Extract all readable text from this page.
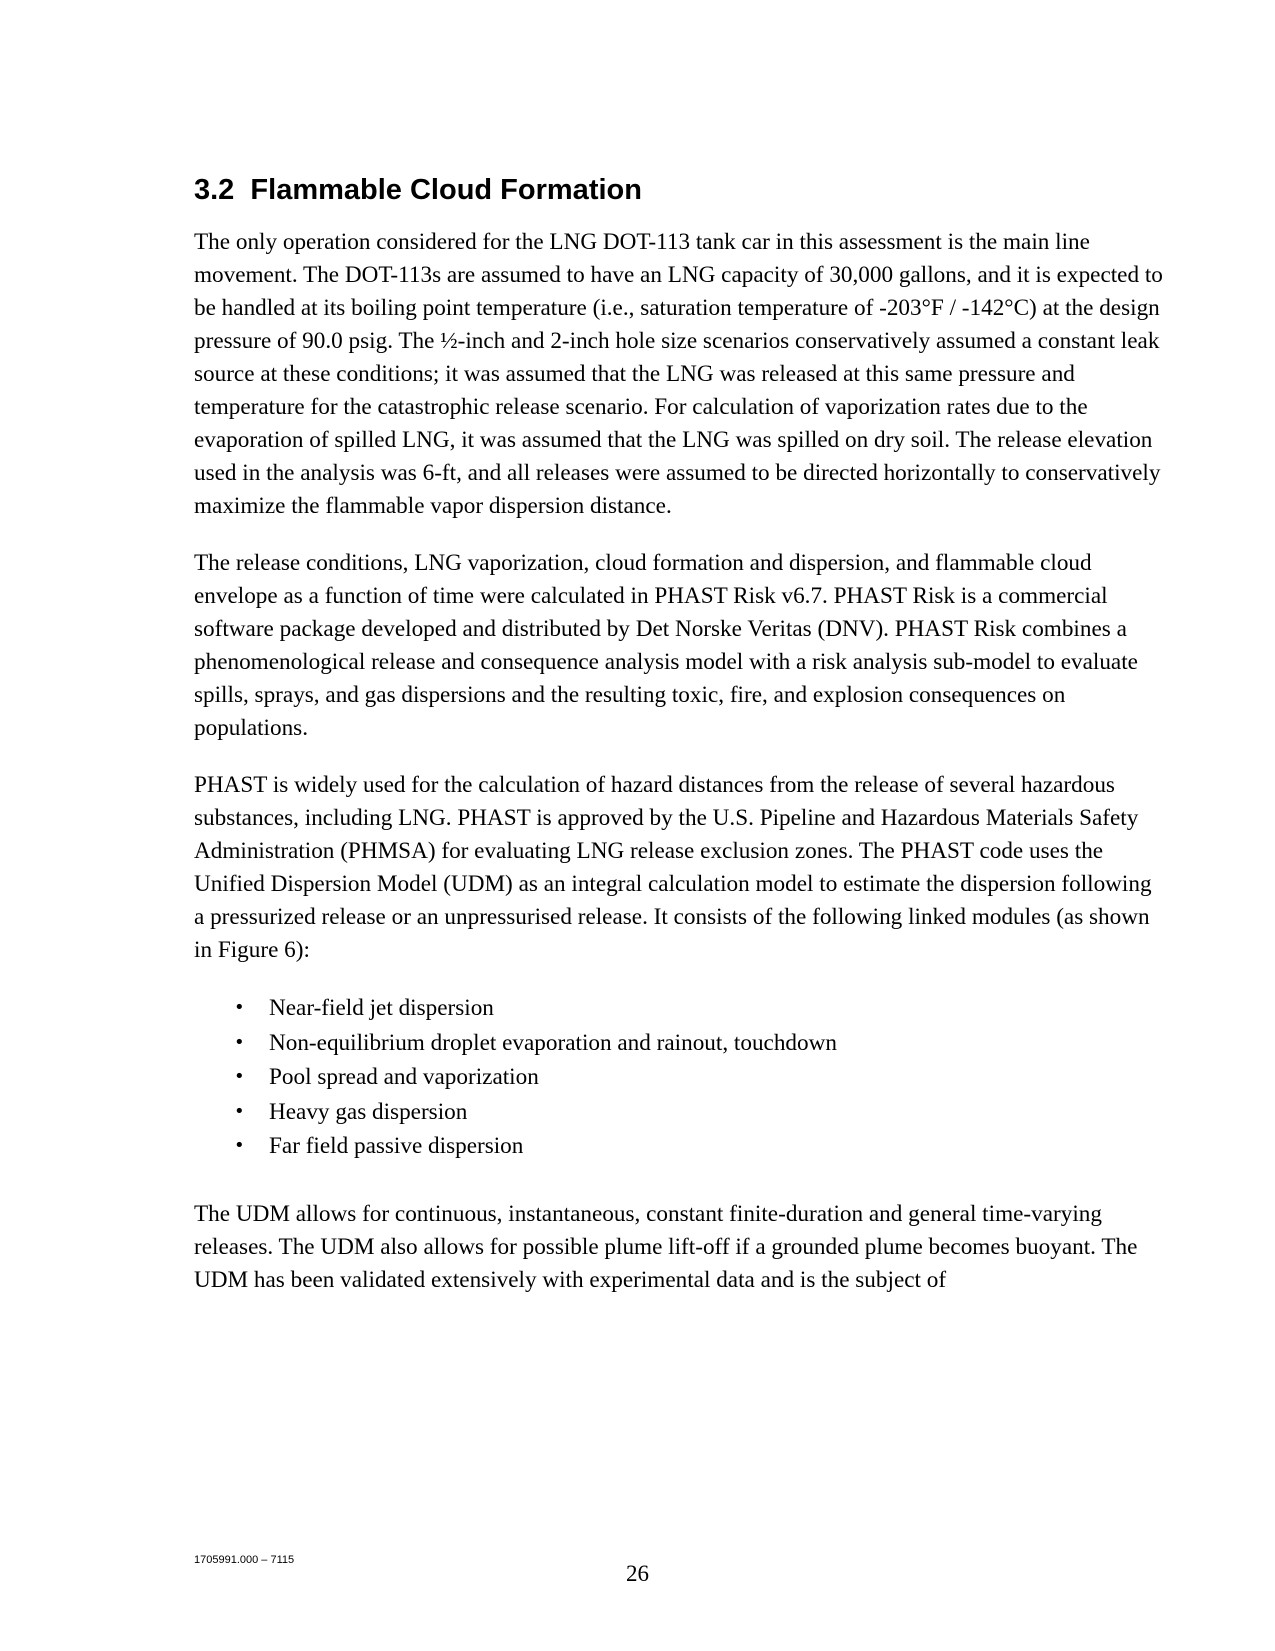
3.2  Flammable Cloud Formation

The only operation considered for the LNG DOT-113 tank car in this assessment is the main line movement. The DOT-113s are assumed to have an LNG capacity of 30,000 gallons, and it is expected to be handled at its boiling point temperature (i.e., saturation temperature of -203°F / -142°C) at the design pressure of 90.0 psig. The ½-inch and 2-inch hole size scenarios conservatively assumed a constant leak source at these conditions; it was assumed that the LNG was released at this same pressure and temperature for the catastrophic release scenario. For calculation of vaporization rates due to the evaporation of spilled LNG, it was assumed that the LNG was spilled on dry soil. The release elevation used in the analysis was 6-ft, and all releases were assumed to be directed horizontally to conservatively maximize the flammable vapor dispersion distance.

The release conditions, LNG vaporization, cloud formation and dispersion, and flammable cloud envelope as a function of time were calculated in PHAST Risk v6.7. PHAST Risk is a commercial software package developed and distributed by Det Norske Veritas (DNV). PHAST Risk combines a phenomenological release and consequence analysis model with a risk analysis sub-model to evaluate spills, sprays, and gas dispersions and the resulting toxic, fire, and explosion consequences on populations.

PHAST is widely used for the calculation of hazard distances from the release of several hazardous substances, including LNG. PHAST is approved by the U.S. Pipeline and Hazardous Materials Safety Administration (PHMSA) for evaluating LNG release exclusion zones. The PHAST code uses the Unified Dispersion Model (UDM) as an integral calculation model to estimate the dispersion following a pressurized release or an unpressurised release. It consists of the following linked modules (as shown in Figure 6):

• Near-field jet dispersion
• Non-equilibrium droplet evaporation and rainout, touchdown
• Pool spread and vaporization
• Heavy gas dispersion
• Far field passive dispersion

The UDM allows for continuous, instantaneous, constant finite-duration and general time-varying releases. The UDM also allows for possible plume lift-off if a grounded plume becomes buoyant. The UDM has been validated extensively with experimental data and is the subject of

1705991.000 – 7115
26
